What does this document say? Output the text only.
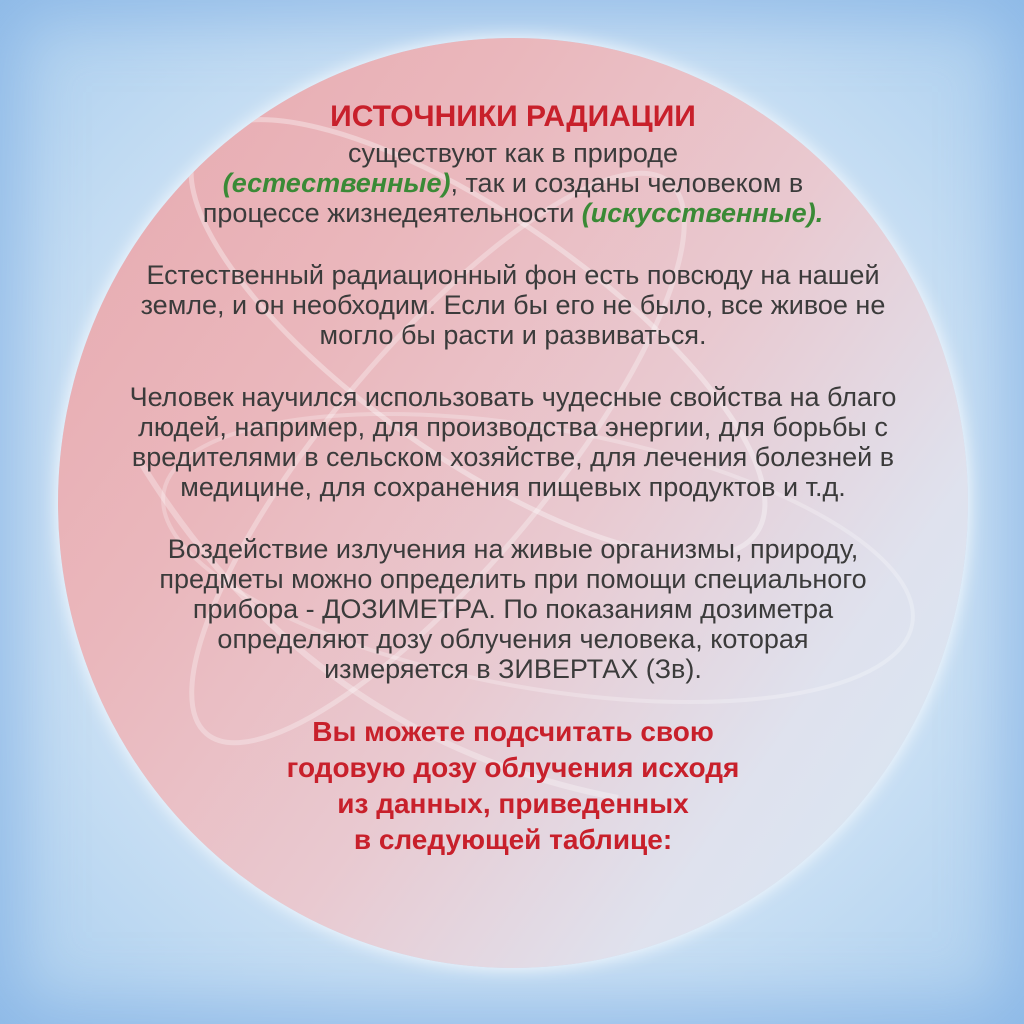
ИСТОЧНИКИ РАДИАЦИИ
существуют как в природе
(естественные), так и созданы человеком в
процессе жизнедеятельности (искусственные).
Естественный радиационный фон есть повсюду на нашей
земле, и он необходим. Если бы его не было, все живое не
могло бы расти и развиваться.
Человек научился использовать чудесные свойства на благо
людей, например, для производства энергии, для борьбы с
вредителями в сельском хозяйстве, для лечения болезней в
медицине, для сохранения пищевых продуктов и т.д.
Воздействие излучения на живые организмы, природу,
предметы можно определить при помощи специального
прибора - ДОЗИМЕТРА. По показаниям дозиметра
определяют дозу облучения человека, которая
измеряется в ЗИВЕРТАХ (Зв).
Вы можете подсчитать свою
годовую дозу облучения исходя
из данных, приведенных
в следующей таблице:
